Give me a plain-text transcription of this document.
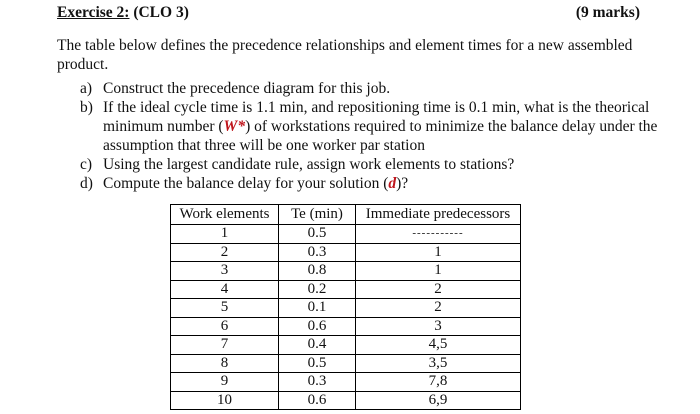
Exercise 2: (CLO 3)	(9 marks)
The table below defines the precedence relationships and element times for a new assembled product.
a) Construct the precedence diagram for this job.
b) If the ideal cycle time is 1.1 min, and repositioning time is 0.1 min, what is the theorical minimum number (W*) of workstations required to minimize the balance delay under the assumption that three will be one worker par station
c) Using the largest candidate rule, assign work elements to stations?
d) Compute the balance delay for your solution (d)?
Work elements	Te (min)	Immediate predecessors
1	0.5	-----------
2	0.3	1
3	0.8	1
4	0.2	2
5	0.1	2
6	0.6	3
7	0.4	4,5
8	0.5	3,5
9	0.3	7,8
10	0.6	6,9
